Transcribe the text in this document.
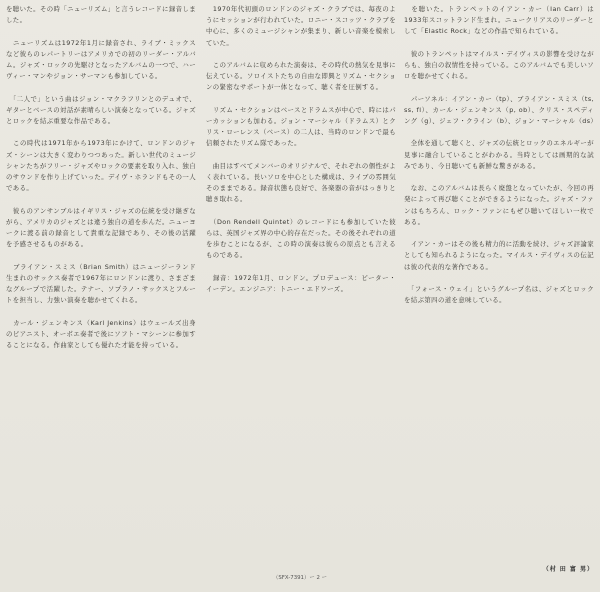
を聴いた。その時「ニューリズム」と言うレコードに録音しました。

　ニューリズムは1972年1月に録音され、ライブ・ミックスなど彼らのレパートリーはアメリカでの初のリーダー・アルバム。ジャズ・ロックの先駆けとなったアルバムの一つで、ハーヴィー・マンやジョン・サーマンも参加している。

　「二人で」という曲はジョン・マクラフリンとのデュオで、ギターとベースの対話が素晴らしい演奏となっている。ジャズとロックを結ぶ重要な作品である。

　この時代は1971年から1973年にかけて、ロンドンのジャズ・シーンは大きく変わりつつあった。新しい世代のミュージシャンたちがフリー・ジャズやロックの要素を取り入れ、独自のサウンドを作り上げていった。デイヴ・ホランドもその一人である。

　彼らのアンサンブルはイギリス・ジャズの伝統を受け継ぎながら、アメリカのジャズとは違う独自の道を歩んだ。ニューヨークに渡る前の録音として貴重な記録であり、その後の活躍を予感させるものがある。

　ブライアン・スミス（Brian Smith）はニュージーランド生まれのサックス奏者で1967年にロンドンに渡り、さまざまなグループで活躍した。テナー、ソプラノ・サックスとフルートを担当し、力強い演奏を聴かせてくれる。

　カール・ジェンキンス（Karl Jenkins）はウェールズ出身のピアニスト、オーボエ奏者で後にソフト・マシーンに参加することになる。作曲家としても優れた才能を持っている。

　1970年代初頭のロンドンのジャズ・クラブでは、毎夜のようにセッションが行われていた。ロニー・スコッツ・クラブを中心に、多くのミュージシャンが集まり、新しい音楽を模索していた。

　このアルバムに収められた演奏は、その時代の熱気を見事に伝えている。ソロイストたちの自由な即興とリズム・セクションの緊密なサポートが一体となって、聴く者を圧倒する。

　リズム・セクションはベースとドラムスが中心で、時にはパーカッションも加わる。ジョン・マーシャル（ドラムス）とクリス・ローレンス（ベース）の二人は、当時のロンドンで最も信頼されたリズム隊であった。

　曲目はすべてメンバーのオリジナルで、それぞれの個性がよく表れている。長いソロを中心とした構成は、ライブの雰囲気そのままである。録音状態も良好で、各楽器の音がはっきりと聴き取れる。

　（Don Rendell Quintet）のレコードにも参加していた彼らは、英国ジャズ界の中心的存在だった。その後それぞれの道を歩むことになるが、この時の演奏は彼らの原点とも言えるものである。

　録音：1972年1月、ロンドン。プロデュース：ピーター・イーデン。エンジニア：トニー・エドワーズ。

　を聴いた。トランペットのイアン・カー（Ian Carr）は1933年スコットランド生まれ。ニュークリアスのリーダーとして「Elastic Rock」などの作品で知られている。

　彼のトランペットはマイルス・デイヴィスの影響を受けながらも、独自の叙情性を持っている。このアルバムでも美しいソロを聴かせてくれる。

　パーソネル：イアン・カー（tp）、ブライアン・スミス（ts, ss, fl）、カール・ジェンキンス（p, ob）、クリス・スペディング（g）、ジェフ・クライン（b）、ジョン・マーシャル（ds）

　全体を通して聴くと、ジャズの伝統とロックのエネルギーが見事に融合していることがわかる。当時としては画期的な試みであり、今日聴いても新鮮な驚きがある。

　なお、このアルバムは長らく廃盤となっていたが、今回の再発によって再び聴くことができるようになった。ジャズ・ファンはもちろん、ロック・ファンにもぜひ聴いてほしい一枚である。

　イアン・カーはその後も精力的に活動を続け、ジャズ評論家としても知られるようになった。マイルス・デイヴィスの伝記は彼の代表的な著作である。

　「フォース・ウェイ」というグループ名は、ジャズとロックを結ぶ第四の道を意味している。

（村 田 富 男）
（SFX-7391）ー 2 ー
